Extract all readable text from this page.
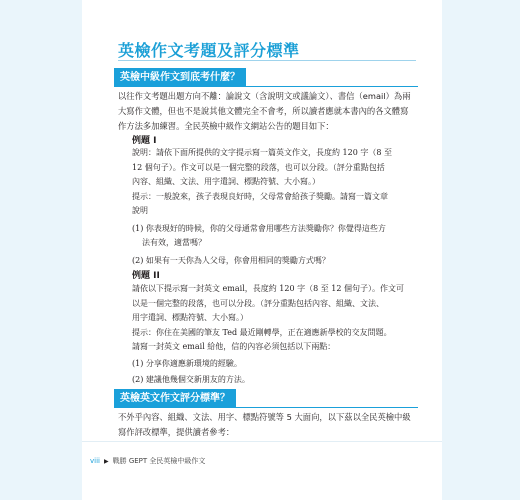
英檢作文考題及評分標準
英檢中級作文到底考什麼？
以往作文考題出題方向不離：論說文（含說明文或議論文）、書信（email）為兩
大寫作文體，但也不是說其他文體完全不會考，所以讀者應就本書內的各文體寫
作方法多加練習。全民英檢中級作文網站公告的題目如下：
例題 I
說明：請依下面所提供的文字提示寫一篇英文作文，長度約 120 字（8 至
12 個句子）。作文可以是一個完整的段落，也可以分段。（評分重點包括
內容、組織、文法、用字遣詞、標點符號、大小寫。）
提示：一般說來，孩子表現良好時，父母常會給孩子獎勵。請寫一篇文章
說明
(1) 你表現好的時候，你的父母通常會用哪些方法獎勵你？你覺得這些方
法有效，適當嗎？
(2) 如果有一天你為人父母，你會用相同的獎勵方式嗎？
例題 II
請依以下提示寫一封英文 email，長度約 120 字（8 至 12 個句子）。作文可
以是一個完整的段落，也可以分段。（評分重點包括內容、組織、文法、
用字遣詞、標點符號、大小寫。）
提示：你住在美國的筆友 Ted 最近剛轉學，正在適應新學校的交友問題。
請寫一封英文 email 給他，信的內容必須包括以下兩點：
(1) 分享你適應新環境的經驗。
(2) 建議他幾個交新朋友的方法。
英檢英文作文評分標準？
不外乎內容、組織、文法、用字、標點符號等 5 大面向，以下茲以全民英檢中級
寫作評改標準，提供讀者參考：
viii ▶ 戰勝 GEPT 全民英檢中級作文
